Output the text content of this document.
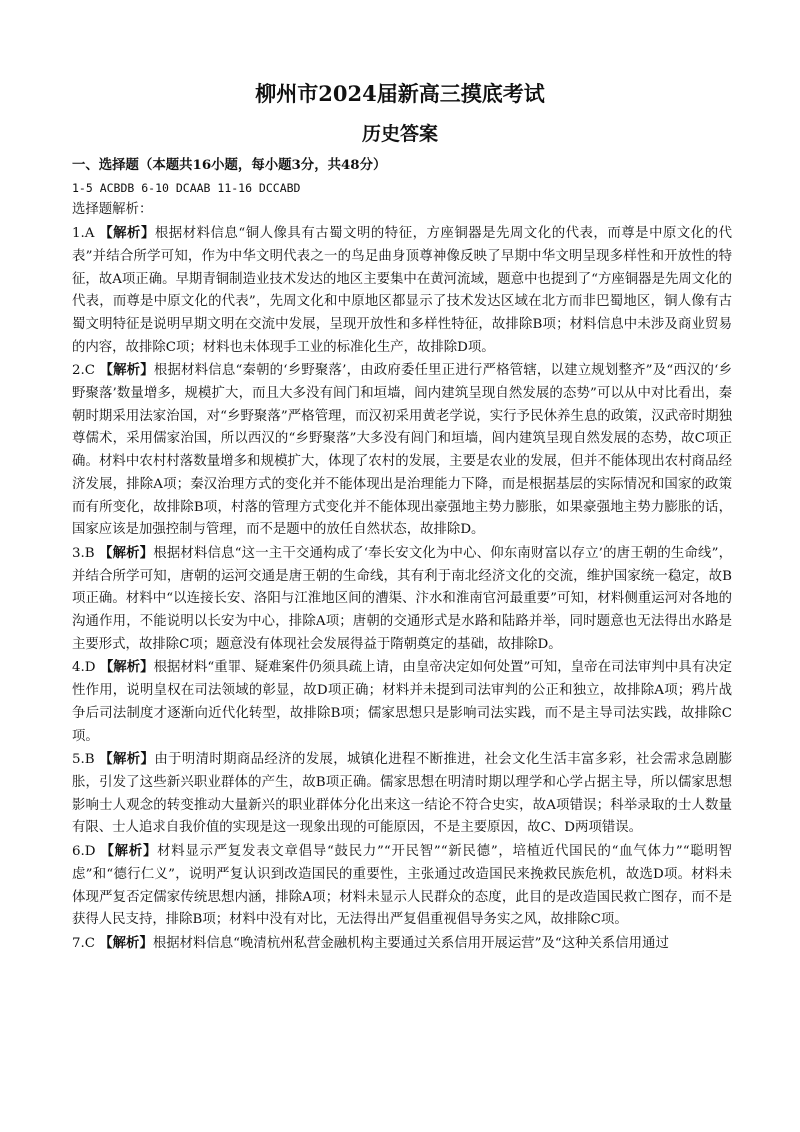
柳州市2024届新高三摸底考试
历史答案

一、选择题（本题共16小题，每小题3分，共48分）

1-5 ACBDB 6-10 DCAAB 11-16 DCCABD

选择题解析：

1.A 【解析】根据材料信息“铜人像具有古蜀文明的特征，方座铜器是先周文化的代表，而尊是中原文化的代表”并结合所学可知，作为中华文明代表之一的鸟足曲身顶尊神像反映了早期中华文明呈现多样性和开放性的特征，故A项正确。早期青铜制造业技术发达的地区主要集中在黄河流域，题意中也提到了“方座铜器是先周文化的代表，而尊是中原文化的代表”，先周文化和中原地区都显示了技术发达区域在北方而非巴蜀地区，铜人像有古蜀文明特征是说明早期文明在交流中发展，呈现开放性和多样性特征，故排除B项；材料信息中未涉及商业贸易的内容，故排除C项；材料也未体现手工业的标准化生产，故排除D项。

2.C 【解析】根据材料信息“秦朝的‘乡野聚落’，由政府委任里正进行严格管辖，以建立规划整齐”及“西汉的‘乡野聚落’数量增多，规模扩大，而且大多没有闾门和垣墙，闾内建筑呈现自然发展的态势”可以从中对比看出，秦朝时期采用法家治国，对“乡野聚落”严格管理，而汉初采用黄老学说，实行予民休养生息的政策，汉武帝时期独尊儒术，采用儒家治国，所以西汉的“乡野聚落”大多没有闾门和垣墙，闾内建筑呈现自然发展的态势，故C项正确。材料中农村村落数量增多和规模扩大，体现了农村的发展，主要是农业的发展，但并不能体现出农村商品经济发展，排除A项；秦汉治理方式的变化并不能体现出是治理能力下降，而是根据基层的实际情况和国家的政策而有所变化，故排除B项，村落的管理方式变化并不能体现出豪强地主势力膨胀，如果豪强地主势力膨胀的话，国家应该是加强控制与管理，而不是题中的放任自然状态，故排除D。

3.B 【解析】根据材料信息“这一主干交通构成了‘奉长安文化为中心、仰东南财富以存立’的唐王朝的生命线”，并结合所学可知，唐朝的运河交通是唐王朝的生命线，其有利于南北经济文化的交流，维护国家统一稳定，故B项正确。材料中“以连接长安、洛阳与江淮地区间的漕渠、汴水和淮南官河最重要”可知，材料侧重运河对各地的沟通作用，不能说明以长安为中心，排除A项；唐朝的交通形式是水路和陆路并举，同时题意也无法得出水路是主要形式，故排除C项；题意没有体现社会发展得益于隋朝奠定的基础，故排除D。

4.D 【解析】根据材料“重罪、疑难案件仍须具疏上请，由皇帝决定如何处置”可知，皇帝在司法审判中具有决定性作用，说明皇权在司法领域的彰显，故D项正确；材料并未提到司法审判的公正和独立，故排除A项；鸦片战争后司法制度才逐渐向近代化转型，故排除B项；儒家思想只是影响司法实践，而不是主导司法实践，故排除C项。

5.B 【解析】由于明清时期商品经济的发展，城镇化进程不断推进，社会文化生活丰富多彩，社会需求急剧膨胀，引发了这些新兴职业群体的产生，故B项正确。儒家思想在明清时期以理学和心学占据主导，所以儒家思想影响士人观念的转变推动大量新兴的职业群体分化出来这一结论不符合史实，故A项错误；科举录取的士人数量有限、士人追求自我价值的实现是这一现象出现的可能原因，不是主要原因，故C、D两项错误。

6.D 【解析】材料显示严复发表文章倡导“鼓民力”“开民智”“新民德”，培植近代国民的“血气体力”“聪明智虑”和“德行仁义”，说明严复认识到改造国民的重要性，主张通过改造国民来挽救民族危机，故选D项。材料未体现严复否定儒家传统思想内涵，排除A项；材料未显示人民群众的态度，此目的是改造国民救亡图存，而不是获得人民支持，排除B项；材料中没有对比，无法得出严复倡重视倡导务实之风，故排除C项。

7.C 【解析】根据材料信息“晚清杭州私营金融机构主要通过关系信用开展运营”及“这种关系信用通过
